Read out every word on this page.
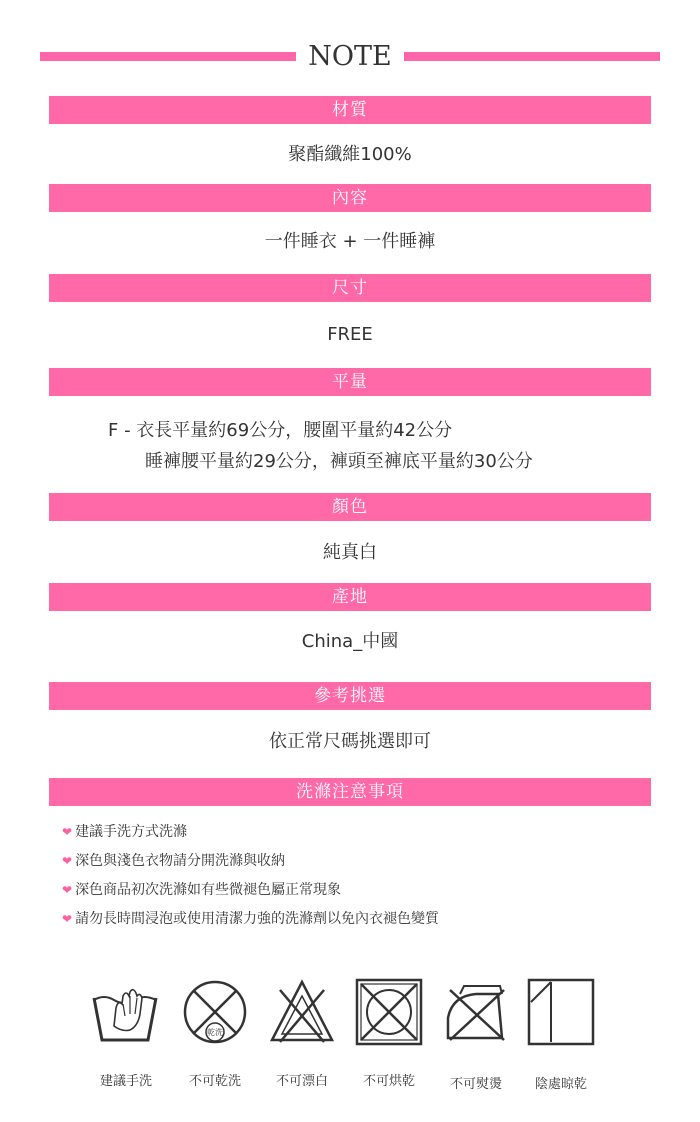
NOTE
材質
聚酯纖維100%
內容
一件睡衣 + 一件睡褲
尺寸
FREE
平量
F - 衣長平量約69公分，腰圍平量約42公分
睡褲腰平量約29公分，褲頭至褲底平量約30公分
顏色
純真白
產地
China_中國
參考挑選
依正常尺碼挑選即可
洗滌注意事項
❤ 建議手洗方式洗滌
❤ 深色與淺色衣物請分開洗滌與收納
❤ 深色商品初次洗滌如有些微褪色屬正常現象
❤ 請勿長時間浸泡或使用清潔力強的洗滌劑以免內衣褪色變質
乾洗
建議手洗	不可乾洗	不可漂白	不可烘乾	不可熨燙	陰處晾乾
